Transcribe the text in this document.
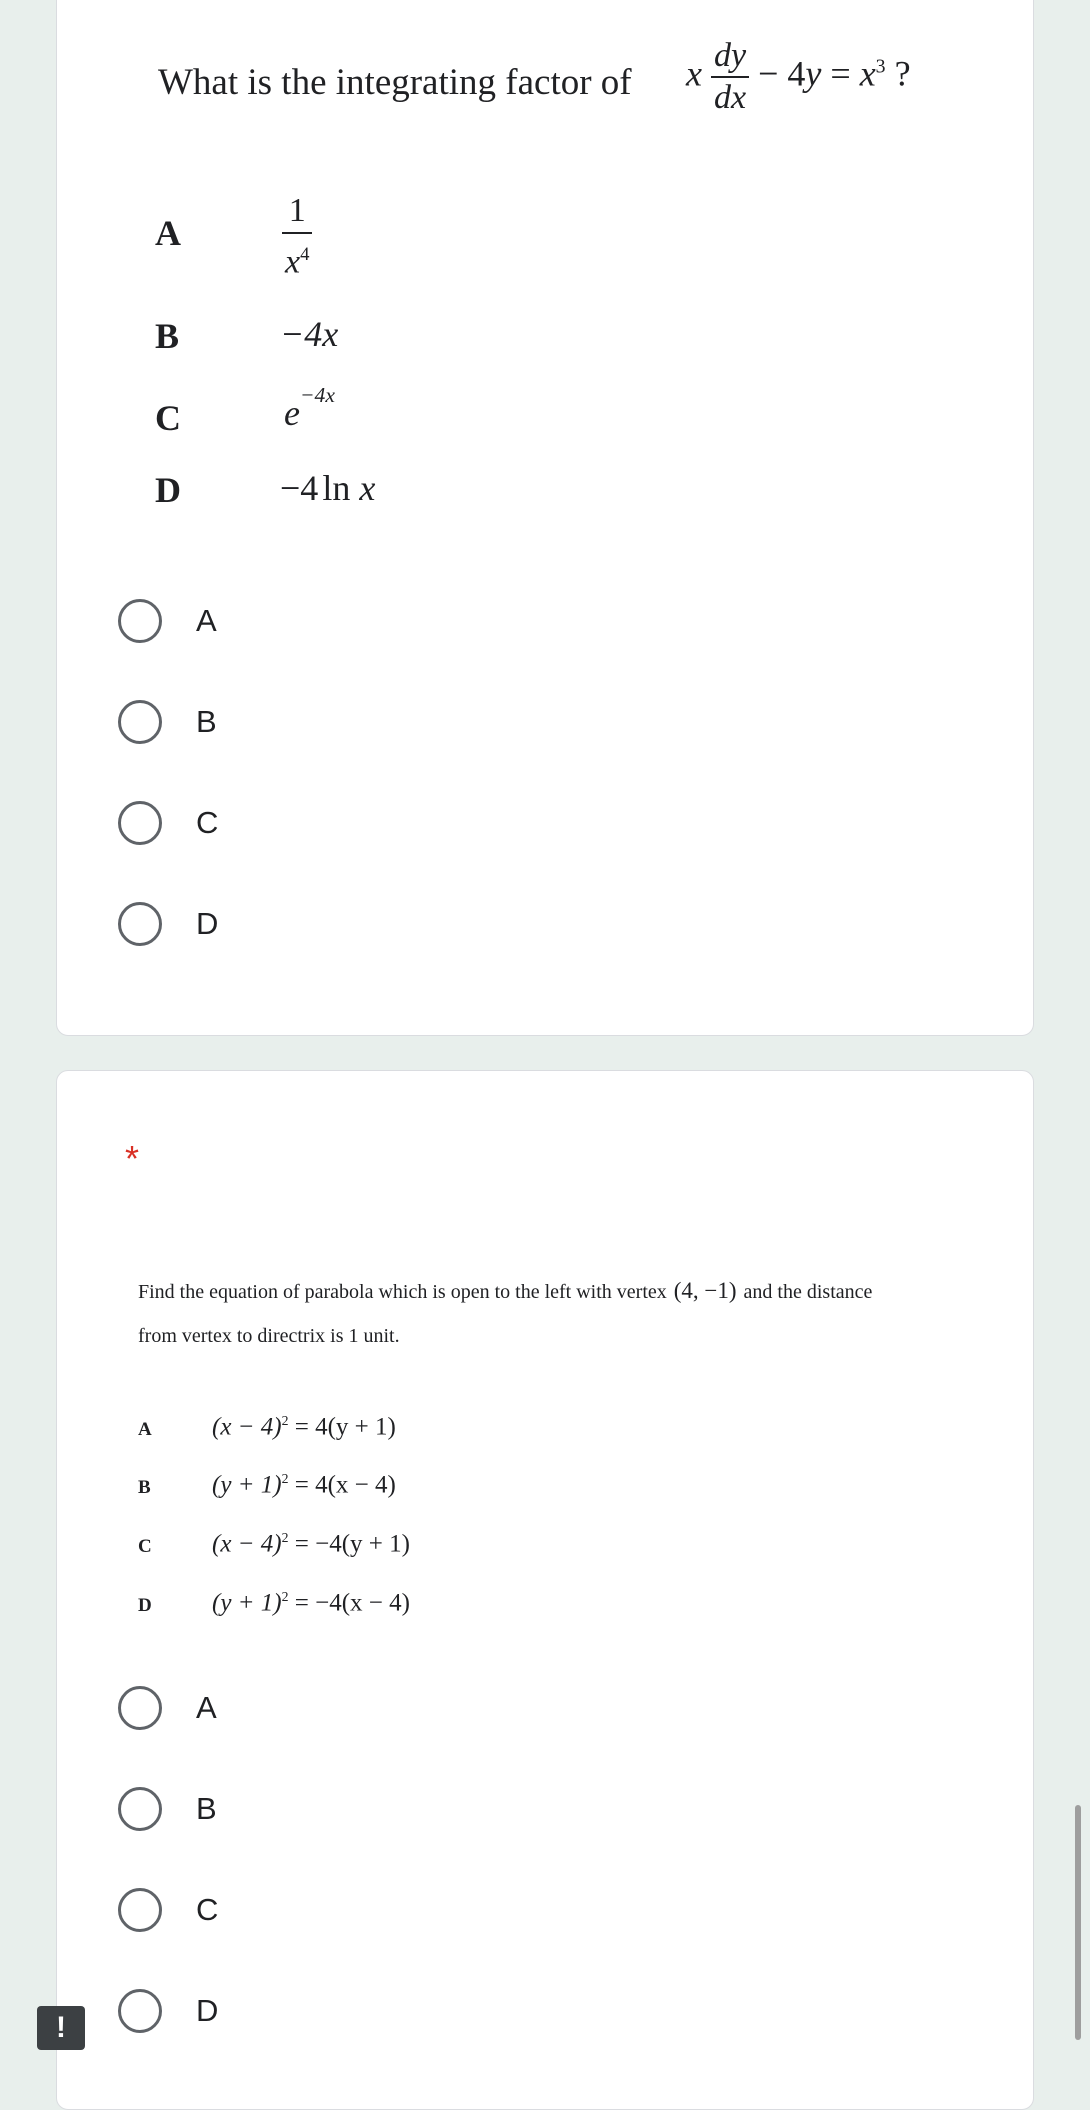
What is the integrating factor of x $\frac{dy}{dx} - 4y = x^3$ ?
A	$\frac{1}{x^4}$
B	−4x
C	$e^{-4x}$
D	−4 ln x
A
B
C
D
*
Find the equation of parabola which is open to the left with vertex (4, −1) and the distance
from vertex to directrix is 1 unit.
A $(x - 4)^2 = 4(y + 1)$
B $(y + 1)^2 = 4(x - 4)$
C $(x - 4)^2 = -4(y + 1)$
D $(y + 1)^2 = -4(x - 4)$
A
B
C
D
!
